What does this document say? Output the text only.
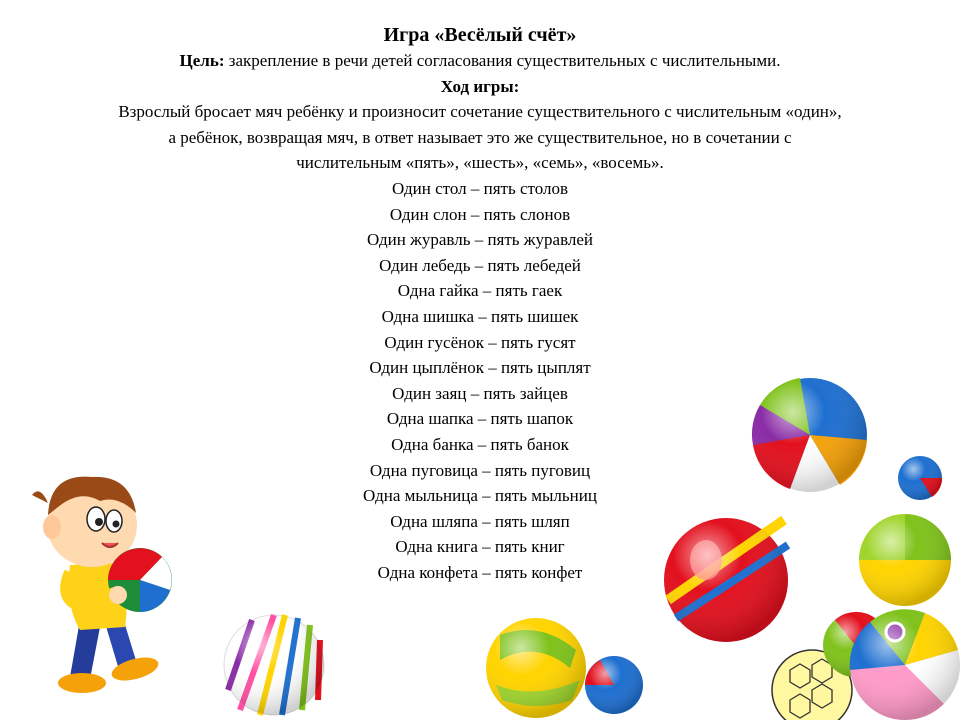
Игра «Весёлый счёт»

Цель: закрепление в речи детей согласования существительных с числительными.

Ход игры:

Взрослый бросает мяч ребёнку и произносит сочетание существительного с числительным «один», а ребёнок, возвращая мяч, в ответ называет это же существительное, но в сочетании с числительным «пять», «шесть», «семь», «восемь».

Один стол – пять столов
Один слон – пять слонов
Один журавль – пять журавлей
Один лебедь – пять лебедей
Одна гайка – пять гаек
Одна шишка – пять шишек
Один гусёнок – пять гусят
Один цыплёнок – пять цыплят
Один заяц – пять зайцев
Одна шапка – пять шапок
Одна банка – пять банок
Одна пуговица – пять пуговиц
Одна мыльница – пять мыльниц
Одна шляпа – пять шляп
Одна книга – пять книг
Одна конфета – пять конфет
